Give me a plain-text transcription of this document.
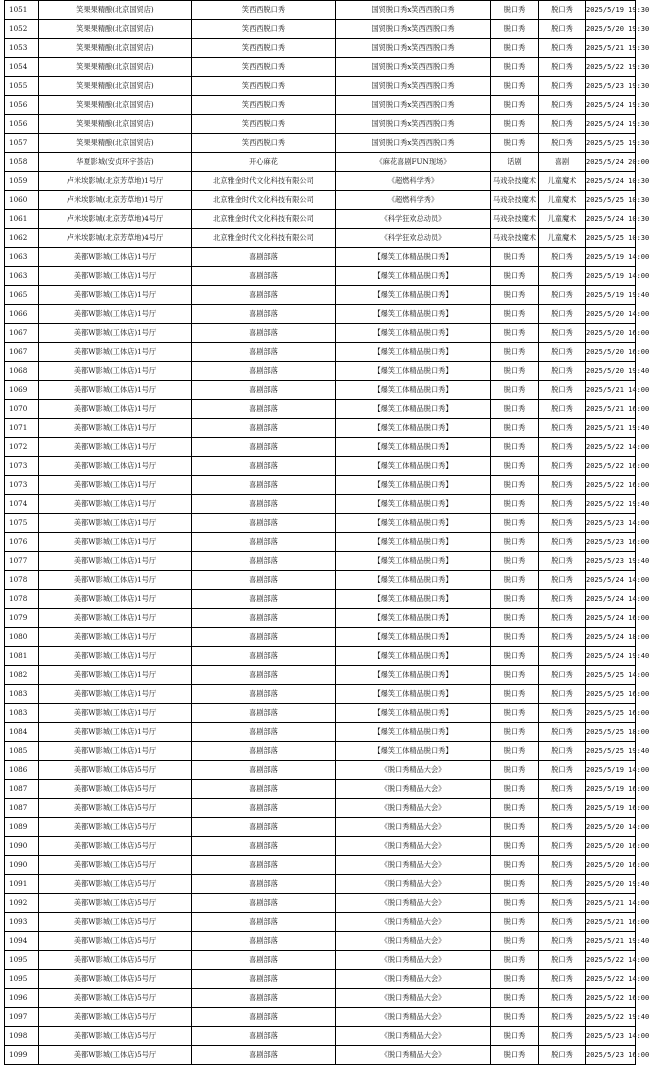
1051	笑果果精酿(北京国贸店)	笑西西脱口秀	国贸脱口秀x笑西西脱口秀	脱口秀	脱口秀	2025/5/19 19:30
1052	笑果果精酿(北京国贸店)	笑西西脱口秀	国贸脱口秀x笑西西脱口秀	脱口秀	脱口秀	2025/5/20 19:30
1053	笑果果精酿(北京国贸店)	笑西西脱口秀	国贸脱口秀x笑西西脱口秀	脱口秀	脱口秀	2025/5/21 19:30
1054	笑果果精酿(北京国贸店)	笑西西脱口秀	国贸脱口秀x笑西西脱口秀	脱口秀	脱口秀	2025/5/22 19:30
1055	笑果果精酿(北京国贸店)	笑西西脱口秀	国贸脱口秀x笑西西脱口秀	脱口秀	脱口秀	2025/5/23 19:30
1056	笑果果精酿(北京国贸店)	笑西西脱口秀	国贸脱口秀x笑西西脱口秀	脱口秀	脱口秀	2025/5/24 19:30
1056	笑果果精酿(北京国贸店)	笑西西脱口秀	国贸脱口秀x笑西西脱口秀	脱口秀	脱口秀	2025/5/24 19:30
1057	笑果果精酿(北京国贸店)	笑西西脱口秀	国贸脱口秀x笑西西脱口秀	脱口秀	脱口秀	2025/5/25 19:30
1058	华夏影城(安贞环宇荟店)	开心麻花	《麻花喜剧FUN现场》	话剧	喜剧	2025/5/24 20:00
1059	卢米埃影城(北京芳草地)1号厅	北京雅金时代文化科技有限公司	《超燃科学秀》	马戏杂技魔术	儿童魔术	2025/5/24 10:30
1060	卢米埃影城(北京芳草地)1号厅	北京雅金时代文化科技有限公司	《超燃科学秀》	马戏杂技魔术	儿童魔术	2025/5/25 10:30
1061	卢米埃影城(北京芳草地)4号厅	北京雅金时代文化科技有限公司	《科学狂欢总动员》	马戏杂技魔术	儿童魔术	2025/5/24 10:30
1062	卢米埃影城(北京芳草地)4号厅	北京雅金时代文化科技有限公司	《科学狂欢总动员》	马戏杂技魔术	儿童魔术	2025/5/25 10:30
1063	美都W影城(工体店)1号厅	喜剧部落	【爆笑工体精品脱口秀】	脱口秀	脱口秀	2025/5/19 14:00
1063	美都W影城(工体店)1号厅	喜剧部落	【爆笑工体精品脱口秀】	脱口秀	脱口秀	2025/5/19 14:00
1065	美都W影城(工体店)1号厅	喜剧部落	【爆笑工体精品脱口秀】	脱口秀	脱口秀	2025/5/19 19:40
1066	美都W影城(工体店)1号厅	喜剧部落	【爆笑工体精品脱口秀】	脱口秀	脱口秀	2025/5/20 14:00
1067	美都W影城(工体店)1号厅	喜剧部落	【爆笑工体精品脱口秀】	脱口秀	脱口秀	2025/5/20 16:00
1067	美都W影城(工体店)1号厅	喜剧部落	【爆笑工体精品脱口秀】	脱口秀	脱口秀	2025/5/20 16:00
1068	美都W影城(工体店)1号厅	喜剧部落	【爆笑工体精品脱口秀】	脱口秀	脱口秀	2025/5/20 19:40
1069	美都W影城(工体店)1号厅	喜剧部落	【爆笑工体精品脱口秀】	脱口秀	脱口秀	2025/5/21 14:00
1070	美都W影城(工体店)1号厅	喜剧部落	【爆笑工体精品脱口秀】	脱口秀	脱口秀	2025/5/21 16:00
1071	美都W影城(工体店)1号厅	喜剧部落	【爆笑工体精品脱口秀】	脱口秀	脱口秀	2025/5/21 19:40
1072	美都W影城(工体店)1号厅	喜剧部落	【爆笑工体精品脱口秀】	脱口秀	脱口秀	2025/5/22 14:00
1073	美都W影城(工体店)1号厅	喜剧部落	【爆笑工体精品脱口秀】	脱口秀	脱口秀	2025/5/22 16:00
1073	美都W影城(工体店)1号厅	喜剧部落	【爆笑工体精品脱口秀】	脱口秀	脱口秀	2025/5/22 16:00
1074	美都W影城(工体店)1号厅	喜剧部落	【爆笑工体精品脱口秀】	脱口秀	脱口秀	2025/5/22 19:40
1075	美都W影城(工体店)1号厅	喜剧部落	【爆笑工体精品脱口秀】	脱口秀	脱口秀	2025/5/23 14:00
1076	美都W影城(工体店)1号厅	喜剧部落	【爆笑工体精品脱口秀】	脱口秀	脱口秀	2025/5/23 16:00
1077	美都W影城(工体店)1号厅	喜剧部落	【爆笑工体精品脱口秀】	脱口秀	脱口秀	2025/5/23 19:40
1078	美都W影城(工体店)1号厅	喜剧部落	【爆笑工体精品脱口秀】	脱口秀	脱口秀	2025/5/24 14:00
1078	美都W影城(工体店)1号厅	喜剧部落	【爆笑工体精品脱口秀】	脱口秀	脱口秀	2025/5/24 14:00
1079	美都W影城(工体店)1号厅	喜剧部落	【爆笑工体精品脱口秀】	脱口秀	脱口秀	2025/5/24 16:00
1080	美都W影城(工体店)1号厅	喜剧部落	【爆笑工体精品脱口秀】	脱口秀	脱口秀	2025/5/24 18:00
1081	美都W影城(工体店)1号厅	喜剧部落	【爆笑工体精品脱口秀】	脱口秀	脱口秀	2025/5/24 19:40
1082	美都W影城(工体店)1号厅	喜剧部落	【爆笑工体精品脱口秀】	脱口秀	脱口秀	2025/5/25 14:00
1083	美都W影城(工体店)1号厅	喜剧部落	【爆笑工体精品脱口秀】	脱口秀	脱口秀	2025/5/25 16:00
1083	美都W影城(工体店)1号厅	喜剧部落	【爆笑工体精品脱口秀】	脱口秀	脱口秀	2025/5/25 16:00
1084	美都W影城(工体店)1号厅	喜剧部落	【爆笑工体精品脱口秀】	脱口秀	脱口秀	2025/5/25 18:00
1085	美都W影城(工体店)1号厅	喜剧部落	【爆笑工体精品脱口秀】	脱口秀	脱口秀	2025/5/25 19:40
1086	美都W影城(工体店)5号厅	喜剧部落	《脱口秀精品大会》	脱口秀	脱口秀	2025/5/19 14:00
1087	美都W影城(工体店)5号厅	喜剧部落	《脱口秀精品大会》	脱口秀	脱口秀	2025/5/19 16:00
1087	美都W影城(工体店)5号厅	喜剧部落	《脱口秀精品大会》	脱口秀	脱口秀	2025/5/19 16:00
1089	美都W影城(工体店)5号厅	喜剧部落	《脱口秀精品大会》	脱口秀	脱口秀	2025/5/20 14:00
1090	美都W影城(工体店)5号厅	喜剧部落	《脱口秀精品大会》	脱口秀	脱口秀	2025/5/20 16:00
1090	美都W影城(工体店)5号厅	喜剧部落	《脱口秀精品大会》	脱口秀	脱口秀	2025/5/20 16:00
1091	美都W影城(工体店)5号厅	喜剧部落	《脱口秀精品大会》	脱口秀	脱口秀	2025/5/20 19:40
1092	美都W影城(工体店)5号厅	喜剧部落	《脱口秀精品大会》	脱口秀	脱口秀	2025/5/21 14:00
1093	美都W影城(工体店)5号厅	喜剧部落	《脱口秀精品大会》	脱口秀	脱口秀	2025/5/21 16:00
1094	美都W影城(工体店)5号厅	喜剧部落	《脱口秀精品大会》	脱口秀	脱口秀	2025/5/21 19:40
1095	美都W影城(工体店)5号厅	喜剧部落	《脱口秀精品大会》	脱口秀	脱口秀	2025/5/22 14:00
1095	美都W影城(工体店)5号厅	喜剧部落	《脱口秀精品大会》	脱口秀	脱口秀	2025/5/22 14:00
1096	美都W影城(工体店)5号厅	喜剧部落	《脱口秀精品大会》	脱口秀	脱口秀	2025/5/22 16:00
1097	美都W影城(工体店)5号厅	喜剧部落	《脱口秀精品大会》	脱口秀	脱口秀	2025/5/22 19:40
1098	美都W影城(工体店)5号厅	喜剧部落	《脱口秀精品大会》	脱口秀	脱口秀	2025/5/23 14:00
1099	美都W影城(工体店)5号厅	喜剧部落	《脱口秀精品大会》	脱口秀	脱口秀	2025/5/23 16:00
